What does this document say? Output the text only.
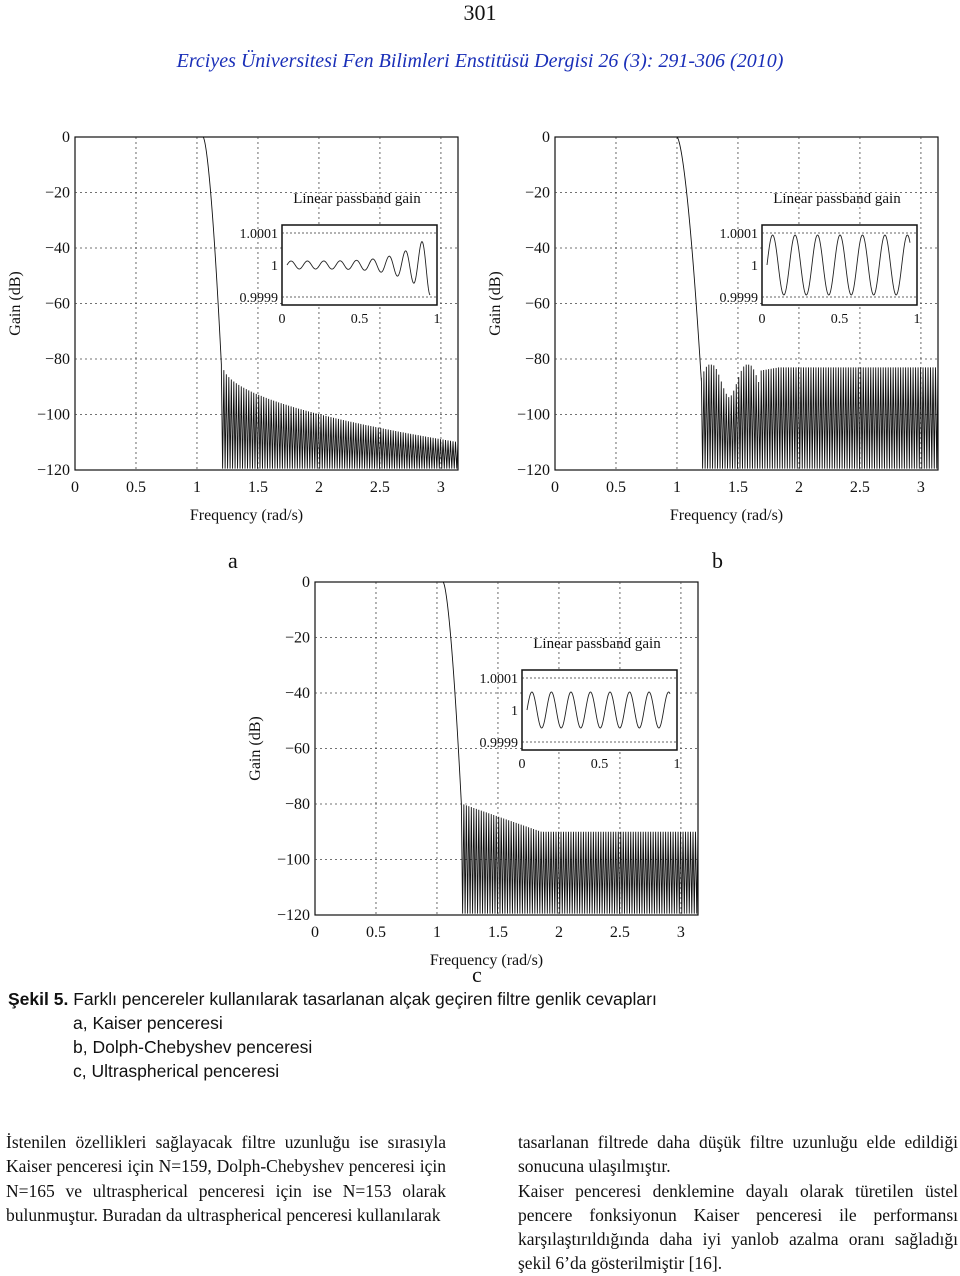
301
Erciyes Üniversitesi Fen Bilimleri Enstitüsü Dergisi 26 (3): 291-306 (2010)
0	0.5	1	1.5	2	2.5	3
0
−20
−40
−60
−80
−100
−120
Frequency (rad/s)
Gain (dB)
Linear passband gain
1.0001
1
0.9999
0	0.5	1
0	0.5	1	1.5	2	2.5	3
0
−20
−40
−60
−80
−100
−120
Frequency (rad/s)
Gain (dB)
Linear passband gain
1.0001
1
0.9999
0	0.5	1
0	0.5	1	1.5	2	2.5	3
0
−20
−40
−60
−80
−100
−120
Frequency (rad/s)
Gain (dB)
Linear passband gain
1.0001
1
0.9999
0	0.5	1
a	b
c
Şekil 5. Farklı pencereler kullanılarak tasarlanan alçak geçiren filtre genlik cevapları
a, Kaiser penceresi
b, Dolph-Chebyshev penceresi
c, Ultraspherical penceresi

İstenilen özellikleri sağlayacak filtre uzunluğu ise sırasıyla Kaiser penceresi için N=159, Dolph-Chebyshev penceresi için N=165 ve ultraspherical penceresi için ise N=153 olarak bulunmuştur. Buradan da ultraspherical penceresi kullanılarak

tasarlanan filtrede daha düşük filtre uzunluğu elde edildiği sonucuna ulaşılmıştır.

Kaiser penceresi denklemine dayalı olarak türetilen üstel pencere fonksiyonun Kaiser penceresi ile performansı karşılaştırıldığında daha iyi yanlob azalma oranı sağladığı şekil 6’da gösterilmiştir [16].
